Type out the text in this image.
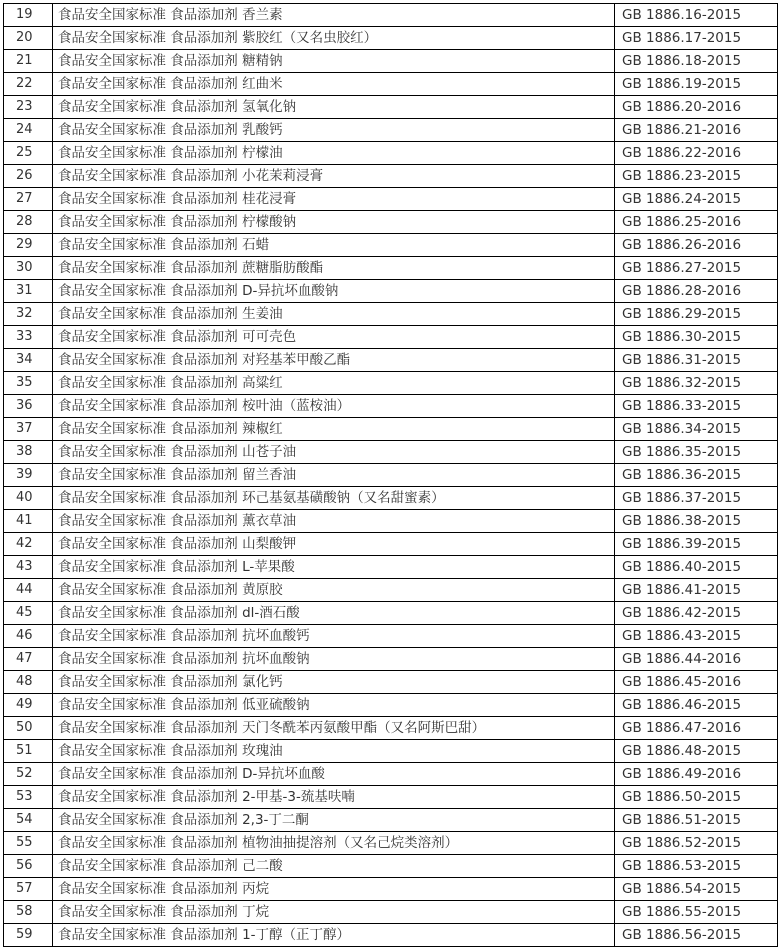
19	食品安全国家标准 食品添加剂 香兰素	GB 1886.16-2015
20	食品安全国家标准 食品添加剂 紫胶红（又名虫胶红）	GB 1886.17-2015
21	食品安全国家标准 食品添加剂 糖精钠	GB 1886.18-2015
22	食品安全国家标准 食品添加剂 红曲米	GB 1886.19-2015
23	食品安全国家标准 食品添加剂 氢氧化钠	GB 1886.20-2016
24	食品安全国家标准 食品添加剂 乳酸钙	GB 1886.21-2016
25	食品安全国家标准 食品添加剂 柠檬油	GB 1886.22-2016
26	食品安全国家标准 食品添加剂 小花茉莉浸膏	GB 1886.23-2015
27	食品安全国家标准 食品添加剂 桂花浸膏	GB 1886.24-2015
28	食品安全国家标准 食品添加剂 柠檬酸钠	GB 1886.25-2016
29	食品安全国家标准 食品添加剂 石蜡	GB 1886.26-2016
30	食品安全国家标准 食品添加剂 蔗糖脂肪酸酯	GB 1886.27-2015
31	食品安全国家标准 食品添加剂 D-异抗坏血酸钠	GB 1886.28-2016
32	食品安全国家标准 食品添加剂 生姜油	GB 1886.29-2015
33	食品安全国家标准 食品添加剂 可可壳色	GB 1886.30-2015
34	食品安全国家标准 食品添加剂 对羟基苯甲酸乙酯	GB 1886.31-2015
35	食品安全国家标准 食品添加剂 高粱红	GB 1886.32-2015
36	食品安全国家标准 食品添加剂 桉叶油（蓝桉油）	GB 1886.33-2015
37	食品安全国家标准 食品添加剂 辣椒红	GB 1886.34-2015
38	食品安全国家标准 食品添加剂 山苍子油	GB 1886.35-2015
39	食品安全国家标准 食品添加剂 留兰香油	GB 1886.36-2015
40	食品安全国家标准 食品添加剂 环己基氨基磺酸钠（又名甜蜜素）	GB 1886.37-2015
41	食品安全国家标准 食品添加剂 薰衣草油	GB 1886.38-2015
42	食品安全国家标准 食品添加剂 山梨酸钾	GB 1886.39-2015
43	食品安全国家标准 食品添加剂 L-苹果酸	GB 1886.40-2015
44	食品安全国家标准 食品添加剂 黄原胶	GB 1886.41-2015
45	食品安全国家标准 食品添加剂 dl-酒石酸	GB 1886.42-2015
46	食品安全国家标准 食品添加剂 抗坏血酸钙	GB 1886.43-2015
47	食品安全国家标准 食品添加剂 抗坏血酸钠	GB 1886.44-2016
48	食品安全国家标准 食品添加剂 氯化钙	GB 1886.45-2016
49	食品安全国家标准 食品添加剂 低亚硫酸钠	GB 1886.46-2015
50	食品安全国家标准 食品添加剂 天门冬酰苯丙氨酸甲酯（又名阿斯巴甜）	GB 1886.47-2016
51	食品安全国家标准 食品添加剂 玫瑰油	GB 1886.48-2015
52	食品安全国家标准 食品添加剂 D-异抗坏血酸	GB 1886.49-2016
53	食品安全国家标准 食品添加剂 2-甲基-3-巯基呋喃	GB 1886.50-2015
54	食品安全国家标准 食品添加剂 2,3-丁二酮	GB 1886.51-2015
55	食品安全国家标准 食品添加剂 植物油抽提溶剂（又名己烷类溶剂）	GB 1886.52-2015
56	食品安全国家标准 食品添加剂 己二酸	GB 1886.53-2015
57	食品安全国家标准 食品添加剂 丙烷	GB 1886.54-2015
58	食品安全国家标准 食品添加剂 丁烷	GB 1886.55-2015
59	食品安全国家标准 食品添加剂 1-丁醇（正丁醇）	GB 1886.56-2015
